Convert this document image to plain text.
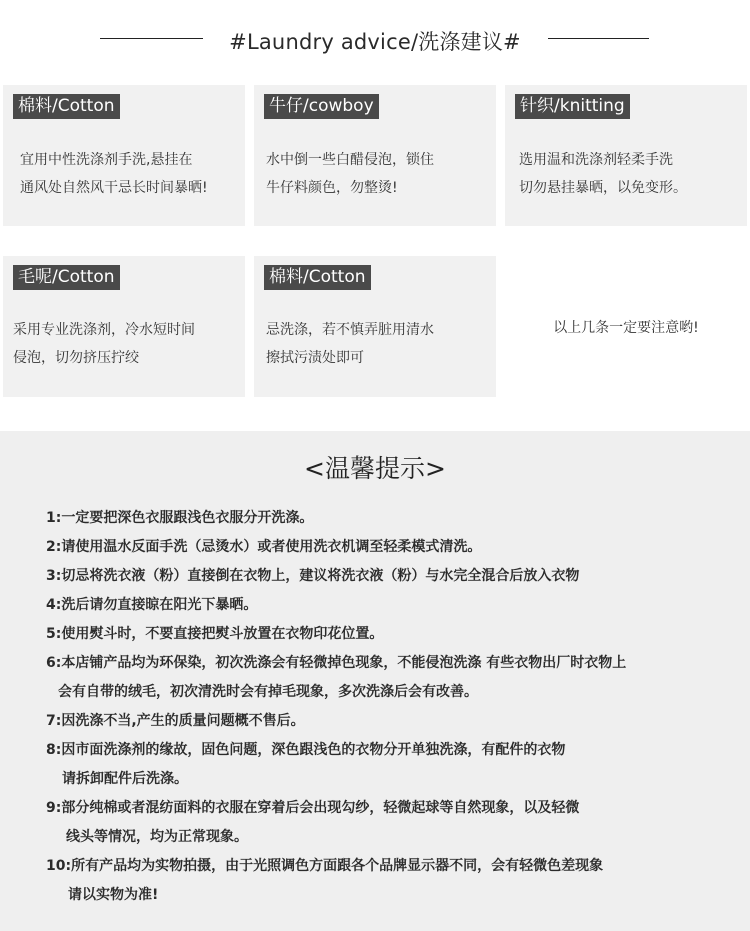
#Laundry advice/洗涤建议#
棉料/Cotton
宜用中性洗涤剂手洗,悬挂在
通风处自然风干忌长时间暴晒!
牛仔/cowboy
水中倒一些白醋侵泡，锁住
牛仔料颜色，勿整烫!
针织/knitting
选用温和洗涤剂轻柔手洗
切勿悬挂暴晒，以免变形。
毛呢/Cotton
采用专业洗涤剂，冷水短时间
侵泡，切勿挤压拧绞
棉料/Cotton
忌洗涤，若不慎弄脏用清水
擦拭污渍处即可
以上几条一定要注意哟!
<温馨提示>
1:一定要把深色衣服跟浅色衣服分开洗涤。
2:请使用温水反面手洗（忌烫水）或者使用洗衣机调至轻柔模式清洗。
3:切忌将洗衣液（粉）直接倒在衣物上，建议将洗衣液（粉）与水完全混合后放入衣物
4:洗后请勿直接晾在阳光下暴晒。
5:使用熨斗时，不要直接把熨斗放置在衣物印花位置。
6:本店铺产品均为环保染，初次洗涤会有轻微掉色现象，不能侵泡洗涤 有些衣物出厂时衣物上
会有自带的绒毛，初次清洗时会有掉毛现象，多次洗涤后会有改善。
7:因洗涤不当,产生的质量问题概不售后。
8:因市面洗涤剂的缘故，固色问题，深色跟浅色的衣物分开单独洗涤，有配件的衣物
请拆卸配件后洗涤。
9:部分纯棉或者混纺面料的衣服在穿着后会出现勾纱，轻微起球等自然现象，以及轻微
线头等情况，均为正常现象。
10:所有产品均为实物拍摄，由于光照调色方面跟各个品牌显示器不同，会有轻微色差现象
请以实物为准!
